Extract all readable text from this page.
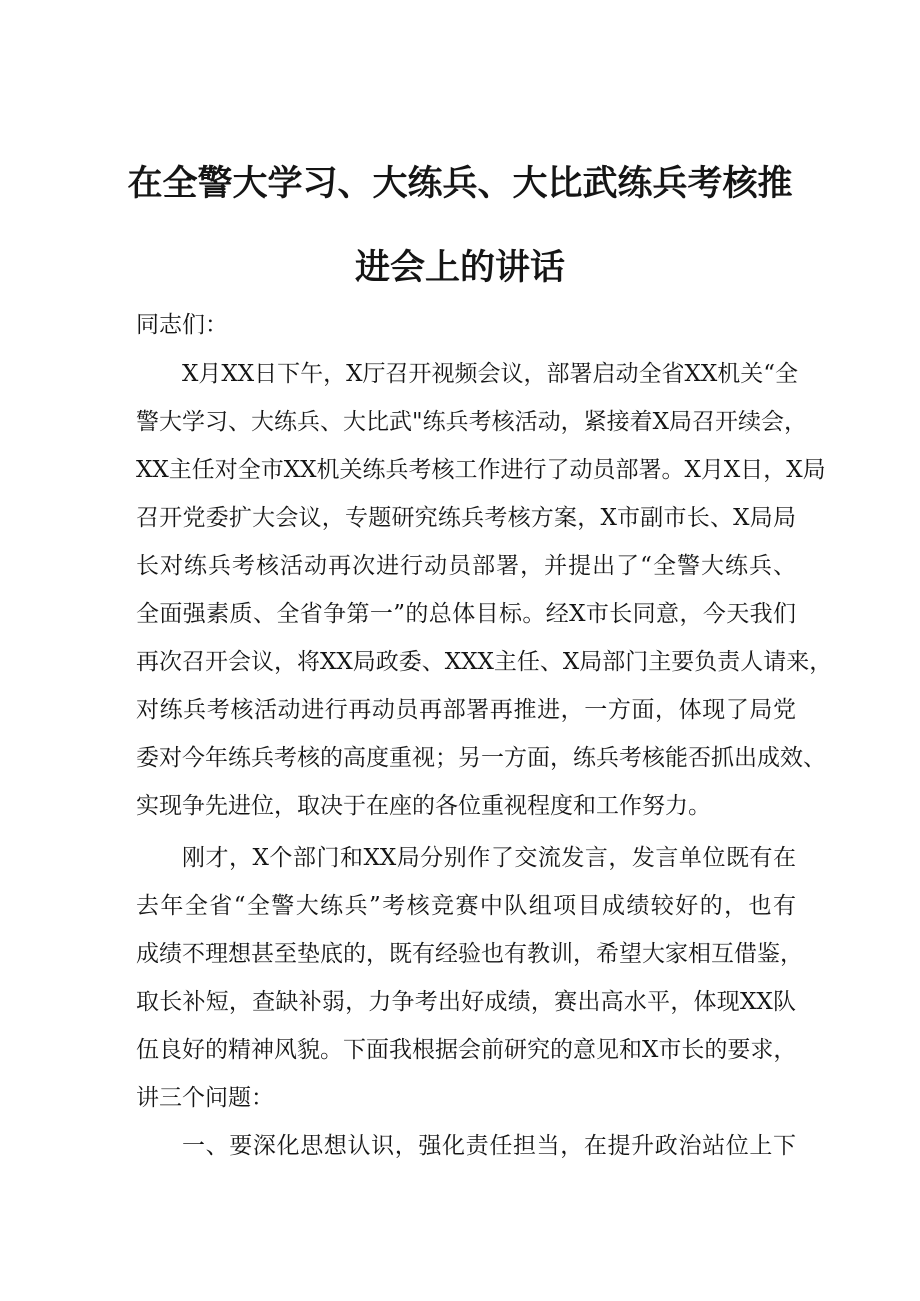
在全警大学习、大练兵、大比武练兵考核推
进会上的讲话
同志们：
X月XX日下午，X厅召开视频会议，部署启动全省XX机关“全
警大学习、大练兵、大比武"练兵考核活动，紧接着X局召开续会，
XX主任对全市XX机关练兵考核工作进行了动员部署。X月X日，X局
召开党委扩大会议，专题研究练兵考核方案，X市副市长、X局局
长对练兵考核活动再次进行动员部署，并提出了“全警大练兵、
全面强素质、全省争第一”的总体目标。经X市长同意，今天我们
再次召开会议，将XX局政委、XXX主任、X局部门主要负责人请来，
对练兵考核活动进行再动员再部署再推进，一方面，体现了局党
委对今年练兵考核的高度重视；另一方面，练兵考核能否抓出成效、
实现争先进位，取决于在座的各位重视程度和工作努力。
刚才，X个部门和XX局分别作了交流发言，发言单位既有在
去年全省“全警大练兵”考核竞赛中队组项目成绩较好的，也有
成绩不理想甚至垫底的，既有经验也有教训，希望大家相互借鉴，
取长补短，查缺补弱，力争考出好成绩，赛出高水平，体现XX队
伍良好的精神风貌。下面我根据会前研究的意见和X市长的要求，
讲三个问题：
一、要深化思想认识，强化责任担当，在提升政治站位上下
